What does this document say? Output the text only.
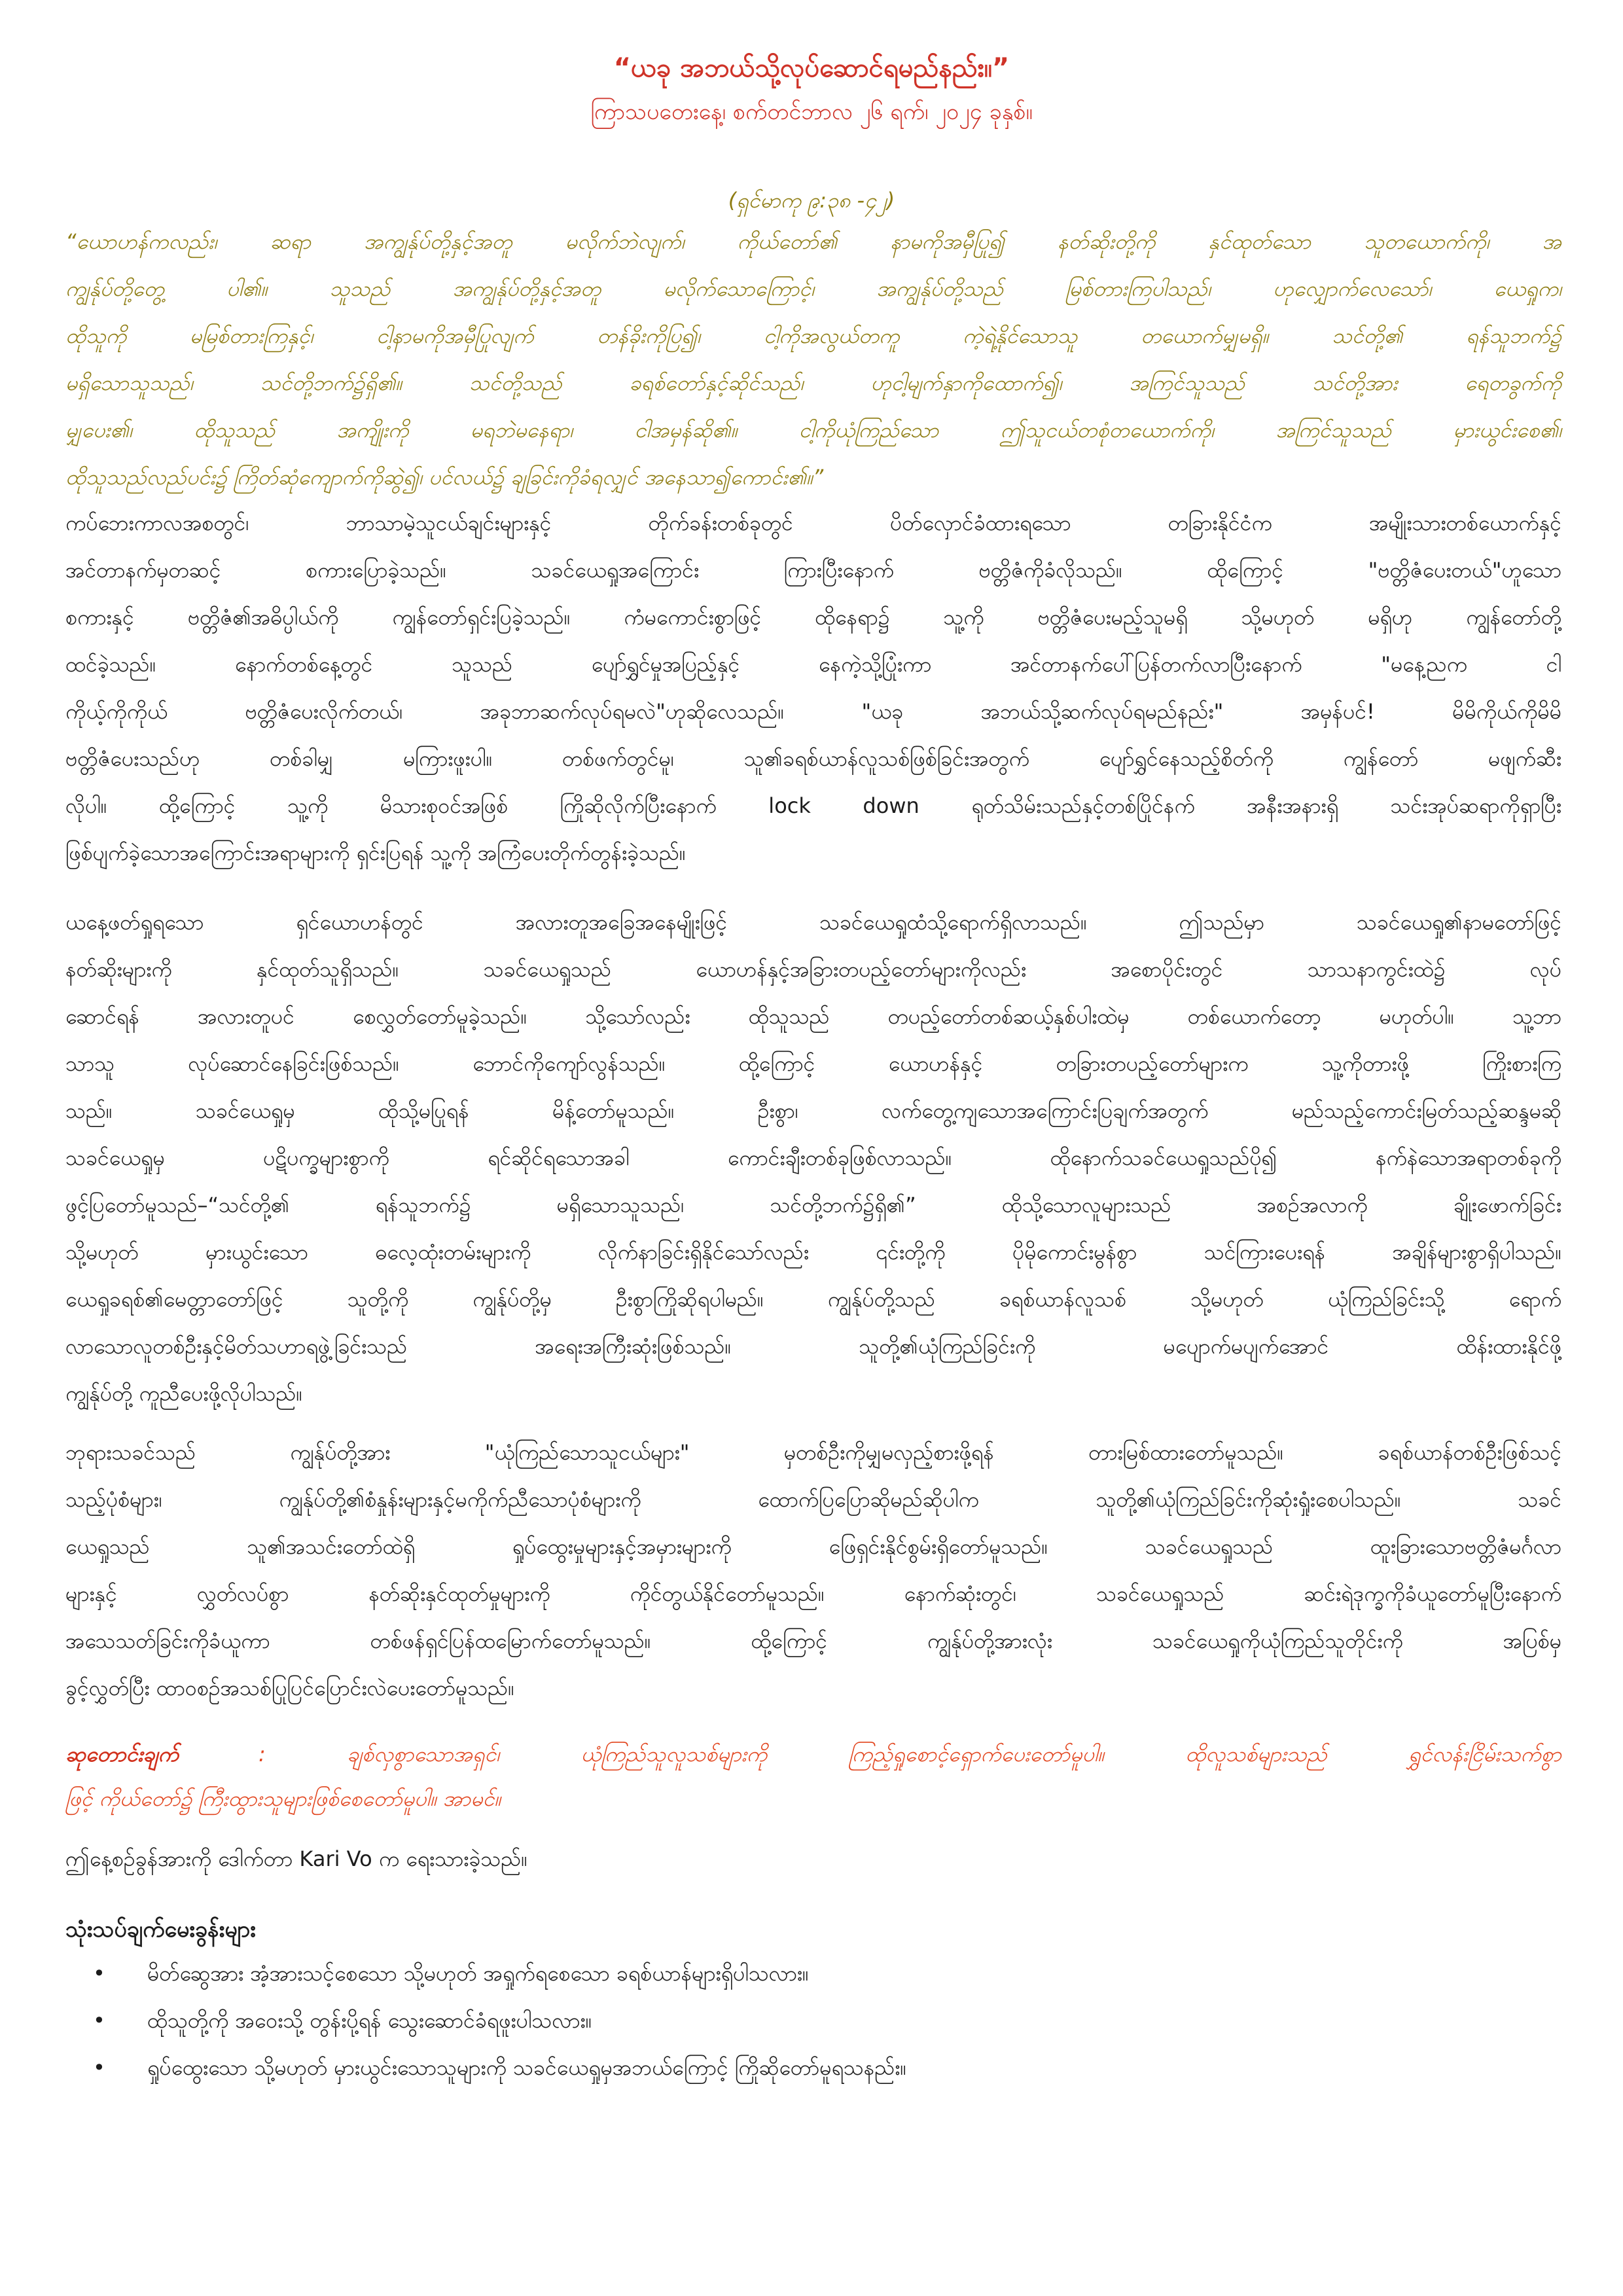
“ယခု အဘယ်သို့လုပ်ဆောင်ရမည်နည်း။”
ကြာသပတေးနေ့၊ စက်တင်ဘာလ ၂၆ ရက်၊ ၂၀၂၄ ခုနှစ်။
(ရှင်မာကု ၉:၃၈ -၄၂)
“ယောဟန်ကလည်း၊ ဆရာ အကျွန်ုပ်တို့နှင့်အတူ မလိုက်ဘဲလျက်၊ ကိုယ်တော်၏ နာမကိုအမှီပြု၍ နတ်ဆိုးတို့ကို နှင်ထုတ်သော သူတယောက်ကို၊ အ
ကျွန်ုပ်တို့တွေ့ ပါ၏။ သူသည် အကျွန်ုပ်တို့နှင့်အတူ မလိုက်သောကြောင့်၊ အကျွန်ုပ်တို့သည် မြစ်တားကြပါသည်၊ ဟုလျှောက်လေသော်၊ ယေရှုက၊
ထိုသူကို မမြစ်တားကြနှင့်၊ ငါ့နာမကိုအမှီပြုလျက် တန်ခိုးကိုပြ၍၊ ငါ့ကိုအလွယ်တကူ ကဲ့ရဲ့နိုင်သောသူ တယောက်မျှမရှိ။ သင်တို့၏ ရန်သူဘက်၌
မရှိသောသူသည်၊ သင်တို့ဘက်၌ရှိ၏။ သင်တို့သည် ခရစ်တော်နှင့်ဆိုင်သည်၊ ဟုငါ့မျက်နှာကိုထောက်၍၊ အကြင်သူသည် သင်တို့အား ရေတခွက်ကို
မျှပေး၏၊ ထိုသူသည် အကျိုးကို မရဘဲမနေရာ၊ ငါအမှန်ဆို၏။ ငါ့ကိုယုံကြည်သော ဤသူငယ်တစုံတယောက်ကို၊ အကြင်သူသည် မှားယွင်းစေ၏၊
ထိုသူသည်လည်ပင်း၌ ကြိတ်ဆုံကျောက်ကိုဆွဲ၍၊ ပင်လယ်၌ ချခြင်းကိုခံရလျှင် အနေသာ၍ကောင်း၏။”
ကပ်ဘေးကာလအစတွင်၊ ဘာသာမဲ့သူငယ်ချင်းများနှင့် တိုက်ခန်းတစ်ခုတွင် ပိတ်လှောင်ခံထားရသော တခြားနိုင်ငံက အမျိုးသားတစ်ယောက်နှင့်
အင်တာနက်မှတဆင့် စကားပြောခဲ့သည်။ သခင်ယေရှုအကြောင်း ကြားပြီးနောက် ဗတ္တိဇံကိုခံလိုသည်။ ထိုကြောင့် "ဗတ္တိဇံပေးတယ်"ဟူသော
စကားနှင့် ဗတ္တိဇံ၏အဓိပ္ပါယ်ကို ကျွန်တော်ရှင်းပြခဲ့သည်။ ကံမကောင်းစွာဖြင့် ထိုနေရာ၌ သူ့ကို ဗတ္တိဇံပေးမည့်သူမရှိ သို့မဟုတ် မရှိဟု ကျွန်တော်တို့
ထင်ခဲ့သည်။ နောက်တစ်နေ့တွင် သူသည် ပျော်ရွှင်မှုအပြည့်နှင့် နေကဲ့သို့ပြုံးကာ အင်တာနက်ပေါ်ပြန်တက်လာပြီးနောက် "မနေ့ညက ငါ
ကိုယ့်ကိုကိုယ် ဗတ္တိဇံပေးလိုက်တယ်၊ အခုဘာဆက်လုပ်ရမလဲ"ဟုဆိုလေသည်။ "ယခု အဘယ်သို့ဆက်လုပ်ရမည်နည်း" အမှန်ပင်! မိမိကိုယ်ကိုမိမိ
ဗတ္တိဇံပေးသည်ဟု တစ်ခါမျှ မကြားဖူးပါ။ တစ်ဖက်တွင်မူ၊ သူ၏ခရစ်ယာန်လူသစ်ဖြစ်ခြင်းအတွက် ပျော်ရွှင်နေသည့်စိတ်ကို ကျွန်တော် မဖျက်ဆီး
လိုပါ။ ထို့ကြောင့် သူ့ကို မိသားစုဝင်အဖြစ် ကြိုဆိုလိုက်ပြီးနောက် lock down ရုတ်သိမ်းသည်နှင့်တစ်ပြိုင်နက် အနီးအနားရှိ သင်းအုပ်ဆရာကိုရှာပြီး
ဖြစ်ပျက်ခဲ့သောအကြောင်းအရာများကို ရှင်းပြရန် သူ့ကို အကြံပေးတိုက်တွန်းခဲ့သည်။
ယနေ့ဖတ်ရှုရသော ရှင်ယောဟန်တွင် အလားတူအခြေအနေမျိုးဖြင့် သခင်ယေရှုထံသို့ရောက်ရှိလာသည်။ ဤသည်မှာ သခင်ယေရှု၏နာမတော်ဖြင့်
နတ်ဆိုးများကို နှင်ထုတ်သူရှိသည်။ သခင်ယေရှုသည် ယောဟန်နှင့်အခြားတပည့်တော်များကိုလည်း အစောပိုင်းတွင် သာသနာကွင်းထဲ၌ လုပ်
ဆောင်ရန် အလားတူပင် စေလွှတ်တော်မူခဲ့သည်။ သို့သော်လည်း ထိုသူသည် တပည့်တော်တစ်ဆယ့်နှစ်ပါးထဲမှ တစ်ယောက်တော့ မဟုတ်ပါ။ သူ့ဘာ
သာသူ လုပ်ဆောင်နေခြင်းဖြစ်သည်။ ဘောင်ကိုကျော်လွန်သည်။ ထို့ကြောင့် ယောဟန်နှင့် တခြားတပည့်တော်များက သူ့ကိုတားဖို့ ကြိုးစားကြ
သည်။ သခင်ယေရှုမှ ထိုသို့မပြုရန် မိန့်တော်မူသည်။ ဦးစွာ၊ လက်တွေ့ကျသောအကြောင်းပြချက်အတွက် မည်သည့်ကောင်းမြတ်သည့်ဆန္ဒမဆို
သခင်ယေရှုမှ ပဋိပက္ခများစွာကို ရင်ဆိုင်ရသောအခါ ကောင်းချီးတစ်ခုဖြစ်လာသည်။ ထိုနောက်သခင်ယေရှုသည်ပို၍ နက်နဲသောအရာတစ်ခုကို
ဖွင့်ပြတော်မူသည်–“သင်တို့၏ ရန်သူဘက်၌ မရှိသောသူသည်၊ သင်တို့ဘက်၌ရှိ၏” ထိုသို့သောလူများသည် အစဉ်အလာကို ချိုးဖောက်ခြင်း
သို့မဟုတ် မှားယွင်းသော ဓလေ့ထုံးတမ်းများကို လိုက်နာခြင်းရှိနိုင်သော်လည်း ၎င်းတို့ကို ပိုမိုကောင်းမွန်စွာ သင်ကြားပေးရန် အချိန်များစွာရှိပါသည်။
ယေရှုခရစ်၏မေတ္တာတော်ဖြင့် သူတို့ကို ကျွန်ုပ်တို့မှ ဦးစွာကြိုဆိုရပါမည်။ ကျွန်ုပ်တို့သည် ခရစ်ယာန်လူသစ် သို့မဟုတ် ယုံကြည်ခြင်းသို့ ရောက်
လာသောလူတစ်ဦးနှင့်မိတ်သဟာရဖွဲ့ခြင်းသည် အရေးအကြီးဆုံးဖြစ်သည်။ သူတို့၏ယုံကြည်ခြင်းကို မပျောက်မပျက်အောင် ထိန်းထားနိုင်ဖို့
ကျွန်ုပ်တို့ ကူညီပေးဖို့လိုပါသည်။
ဘုရားသခင်သည် ကျွန်ုပ်တို့အား "ယုံကြည်သောသူငယ်များ" မှတစ်ဦးကိုမျှမလှည့်စားဖို့ရန် တားမြစ်ထားတော်မူသည်။ ခရစ်ယာန်တစ်ဦးဖြစ်သင့်
သည့်ပုံစံများ၊ ကျွန်ုပ်တို့၏စံနှုန်းများနှင့်မကိုက်ညီသောပုံစံများကို ထောက်ပြပြောဆိုမည်ဆိုပါက သူတို့၏ယုံကြည်ခြင်းကိုဆုံးရှုံးစေပါသည်။ သခင်
ယေရှုသည် သူ၏အသင်းတော်ထဲရှိ ရှုပ်ထွေးမှုများနှင့်အမှားများကို ဖြေရှင်းနိုင်စွမ်းရှိတော်မူသည်။ သခင်ယေရှုသည် ထူးခြားသောဗတ္တိဇံမင်္ဂလာ
များနှင့် လွှတ်လပ်စွာ နတ်ဆိုးနှင်ထုတ်မှုများကို ကိုင်တွယ်နိုင်တော်မူသည်။ နောက်ဆုံးတွင်၊ သခင်ယေရှုသည် ဆင်းရဲဒုက္ခကိုခံယူတော်မူပြီးနောက်
အသေသတ်ခြင်းကိုခံယူကာ တစ်ဖန်ရှင်ပြန်ထမြောက်တော်မူသည်။ ထို့ကြောင့် ကျွန်ုပ်တို့အားလုံး သခင်ယေရှုကိုယုံကြည်သူတိုင်းကို အပြစ်မှ
ခွင့်လွှတ်ပြီး ထာဝစဉ်အသစ်ပြုပြင်ပြောင်းလဲပေးတော်မူသည်။
ဆုတောင်းချက်	: ချစ်လှစွာသောအရှင်၊ ယုံကြည်သူလူသစ်များကို ကြည့်ရှုစောင့်ရှောက်ပေးတော်မူပါ။ ထိုလူသစ်များသည် ရွှင်လန်းငြိမ်းသက်စွာ
ဖြင့် ကိုယ်တော်၌ ကြီးထွားသူများဖြစ်စေတော်မူပါ။ အာမင်။
ဤနေ့စဉ်ခွန်အားကို ဒေါက်တာ Kari Vo က ရေးသားခဲ့သည်။
သုံးသပ်ချက်မေးခွန်းများ
• မိတ်ဆွေအား အံ့အားသင့်စေသော သို့မဟုတ် အရှုက်ရစေသော ခရစ်ယာန်များရှိပါသလား။
• ထိုသူတို့ကို အဝေးသို့ တွန်းပို့ရန် သွေးဆောင်ခံရဖူးပါသလား။
• ရှုပ်ထွေးသော သို့မဟုတ် မှားယွင်းသောသူများကို သခင်ယေရှုမှအဘယ်ကြောင့် ကြိုဆိုတော်မူရသနည်း။
